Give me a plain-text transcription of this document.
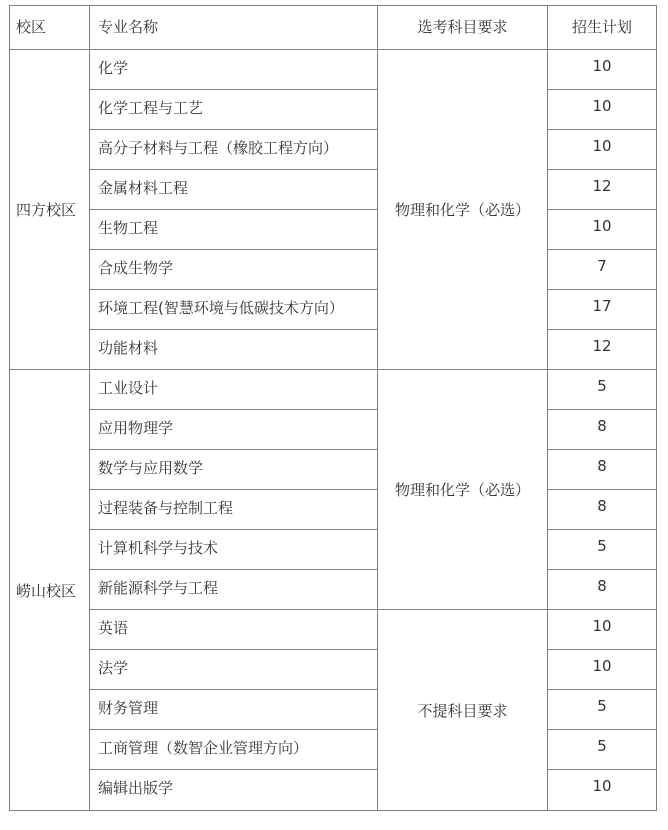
校区	专业名称	选考科目要求	招生计划
四方校区	化学	物理和化学（必选）	10
	化学工程与工艺		10
	高分子材料与工程（橡胶工程方向）		10
	金属材料工程		12
	生物工程		10
	合成生物学		7
	环境工程(智慧环境与低碳技术方向）		17
	功能材料		12
崂山校区	工业设计	物理和化学（必选）	5
	应用物理学		8
	数学与应用数学		8
	过程装备与控制工程		8
	计算机科学与技术		5
	新能源科学与工程		8
	英语	不提科目要求	10
	法学		10
	财务管理		5
	工商管理（数智企业管理方向）		5
	编辑出版学		10
